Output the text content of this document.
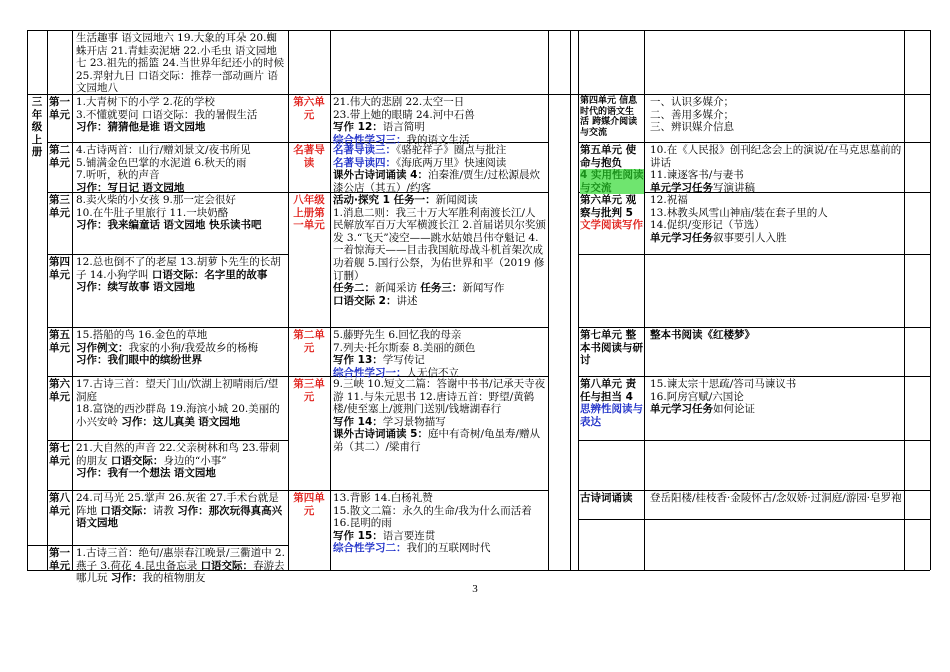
生活趣事 语文园地六 19.大象的耳朵 20.蜘蛛开店 21.青蛙卖泥塘 22.小毛虫 语文园地七 23.祖先的摇篮 24.当世界年纪还小的时候 25.羿射九日 口语交际：推荐一部动画片 语文园地八
三年级上册
第一单元
1.大青树下的小学 2.花的学校
3.不懂就要问 口语交际：我的暑假生活
习作：猜猜他是谁 语文园地
第二单元
4.古诗两首：山行/赠刘景文/夜书所见
5.铺满金色巴掌的水泥道 6.秋天的雨
7.听听，秋的声音
习作：写日记 语文园地
第三单元
8.卖火柴的小女孩 9.那一定会很好
10.在牛肚子里旅行 11.一块奶酪
习作：我来编童话 语文园地 快乐读书吧
第四单元
12.总也倒不了的老屋 13.胡萝卜先生的长胡子 14.小狗学叫 口语交际：名字里的故事
习作：续写故事 语文园地
第五单元
15.搭船的鸟 16.金色的草地
习作例文：我家的小狗/我爱故乡的杨梅
习作：我们眼中的缤纷世界
第六单元
17.古诗三首：望天门山/饮湖上初晴雨后/望洞庭
18.富饶的西沙群岛 19.海滨小城 20.美丽的小兴安岭 习作：这儿真美 语文园地
第七单元
21.大自然的声音 22.父亲树林和鸟 23.带刺的朋友 口语交际：身边的“小事”
习作：我有一个想法 语文园地
第八单元
24.司马光 25.掌声 26.灰雀 27.手术台就是阵地 口语交际：请教 习作：那次玩得真高兴 语文园地
第一单元
1.古诗三首：绝句/惠崇春江晚景/三衢道中 2.燕子 3.荷花 4.昆虫备忘录 口语交际：春游去哪儿玩 习作：我的植物朋友
第六单元
21.伟大的悲剧 22.太空一日
23.带上她的眼睛 24.河中石兽
写作 12：语言简明
综合性学习三：我的语文生活
名著导读
名著导读三：《骆驼祥子》圈点与批注
名著导读四：《海底两万里》快速阅读
课外古诗词诵读 4：泊秦淮/贾生/过松源晨炊漆公店（其五）/约客
八年级上册第一单元
活动·探究 1 任务一：新闻阅读
1.消息二则：我三十万大军胜利南渡长江/人民解放军百万大军横渡长江 2.首届诺贝尔奖颁发 3.“飞天”凌空——跳水姑娘吕伟夺魁记 4.一着惊海天——目击我国航母战斗机首架次成功着舰 5.国行公祭，为佑世界和平（2019 修订删）
任务二：新闻采访 任务三：新闻写作
口语交际 2：讲述
第二单元
5.藤野先生 6.回忆我的母亲
7.列夫·托尔斯泰 8.美丽的颜色
写作 13：学写传记
综合性学习一：人无信不立
第三单元
9.三峡 10.短文二篇：答谢中书书/记承天寺夜游 11.与朱元思书 12.唐诗五首：野望/黄鹤楼/使至塞上/渡荆门送别/钱塘湖春行
写作 14：学习景物描写
课外古诗词诵读 5：庭中有奇树/龟虽寿/赠从弟（其二）/梁甫行
第四单元
13.背影 14.白杨礼赞
15.散文二篇：永久的生命/我为什么而活着 16.昆明的雨
写作 15：语言要连贯
综合性学习二：我们的互联网时代
第四单元 信息时代的语文生活 跨媒介阅读与交流
一、认识多媒介；
二、善用多媒介；
三、辨识媒介信息
第五单元 使命与抱负
4 实用性阅读与交流
10.在《人民报》创刊纪念会上的演说/在马克思墓前的讲话
11.谏逐客书/与妻书
单元学习任务写演讲稿
第六单元 观察与批判 5
文学阅读写作
12.祝福
13.林教头风雪山神庙/装在套子里的人
14.促织/变形记（节选）
单元学习任务叙事要引人入胜
第七单元 整本书阅读与研讨
整本书阅读《红楼梦》
第八单元 责任与担当 4
思辨性阅读与表达
15.谏太宗十思疏/答司马谏议书
16.阿房宫赋/六国论
单元学习任务如何论证
古诗词诵读	登岳阳楼/桂枝香·金陵怀古/念奴娇·过洞庭/游园·皂罗袍
3
